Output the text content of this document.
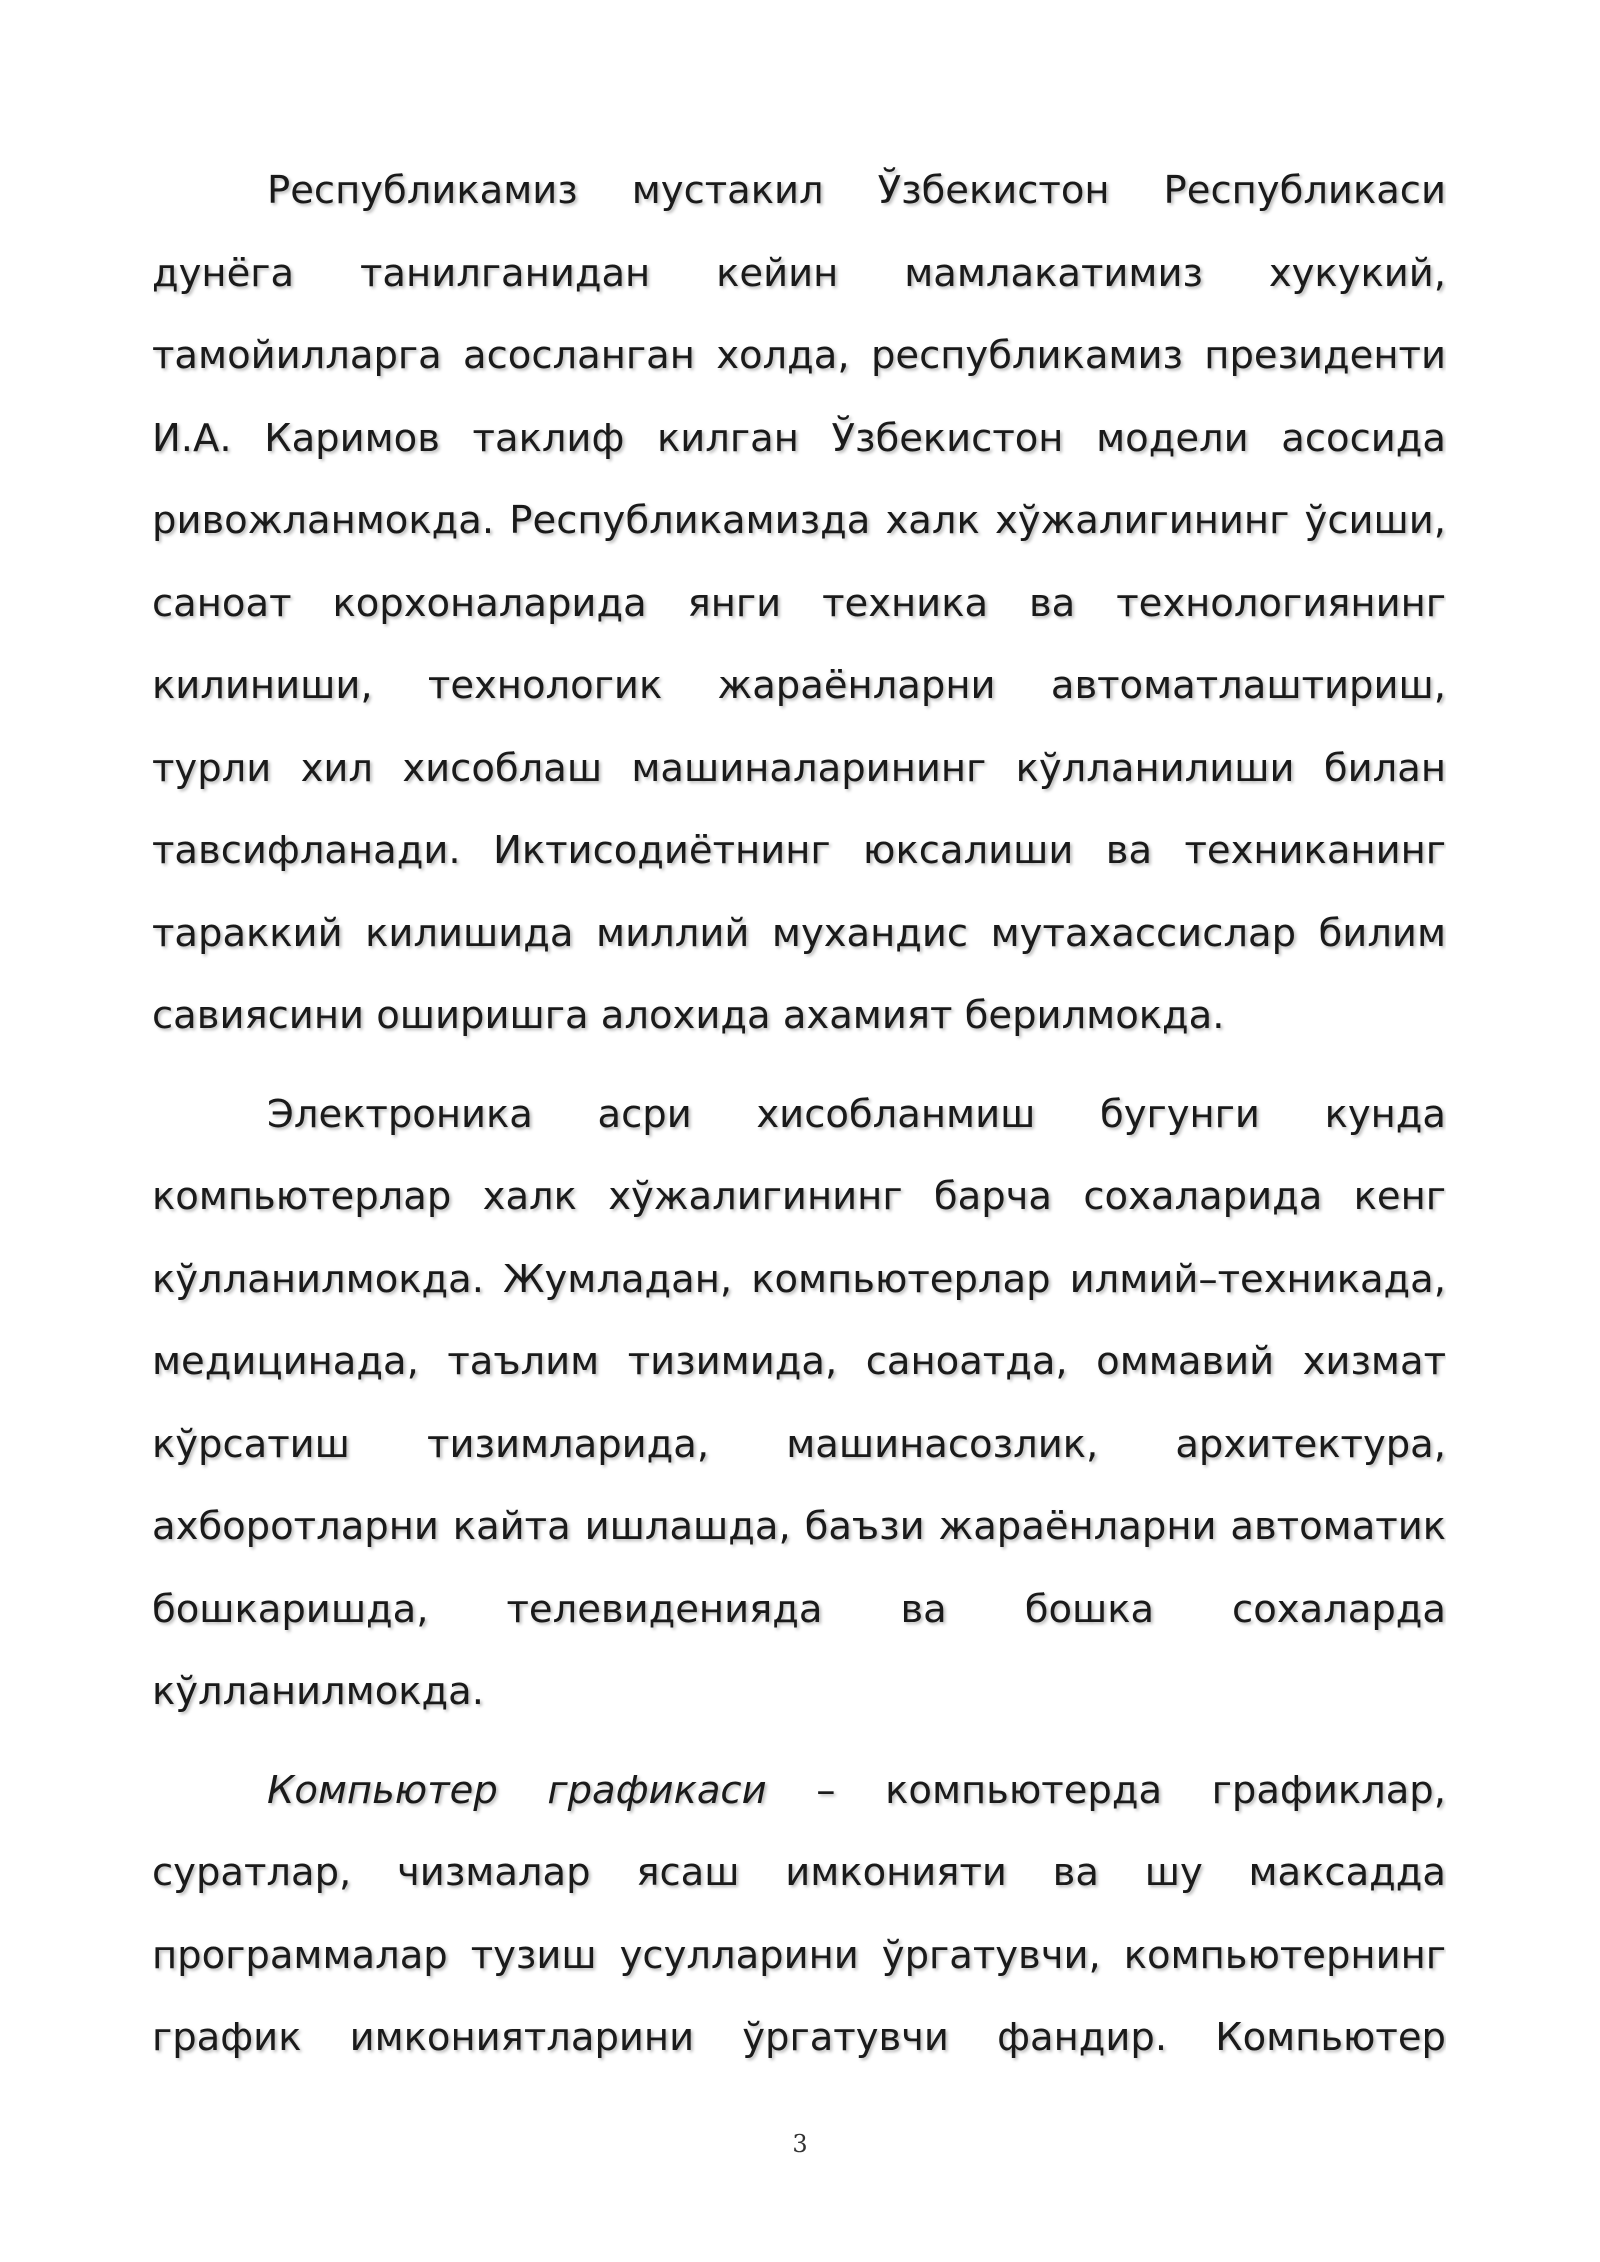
Республикамиз мустакил Ўзбекистон Республикаси
дунёга танилганидан кейин мамлакатимиз хукукий,
тамойилларга асосланган холда, республикамиз президенти
И.А. Каримов таклиф килган Ўзбекистон модели асосида
ривожланмокда. Республикамизда халк хўжалигининг ўсиши,
саноат корхоналарида янги техника ва технологиянинг
килиниши, технологик жараёнларни автоматлаштириш,
турли хил хисоблаш машиналарининг кўлланилиши билан
тавсифланади. Иктисодиётнинг юксалиши ва техниканинг
тараккий килишида миллий мухандис мутахассислар билим
савиясини оширишга алохида ахамият берилмокда.
Электроника асри хисобланмиш бугунги кунда
компьютерлар халк хўжалигининг барча сохаларида кенг
кўлланилмокда. Жумладан, компьютерлар илмий–техникада,
медицинада, таълим тизимида, саноатда, оммавий хизмат
кўрсатиш тизимларида, машинасозлик, архитектура,
ахборотларни кайта ишлашда, баъзи жараёнларни автоматик
бошкаришда, телевиденияда ва бошка сохаларда
кўлланилмокда.
Компьютер графикаси – компьютерда графиклар,
суратлар, чизмалар ясаш имконияти ва шу максадда
программалар тузиш усулларини ўргатувчи, компьютернинг
график имкониятларини ўргатувчи фандир. Компьютер
3
